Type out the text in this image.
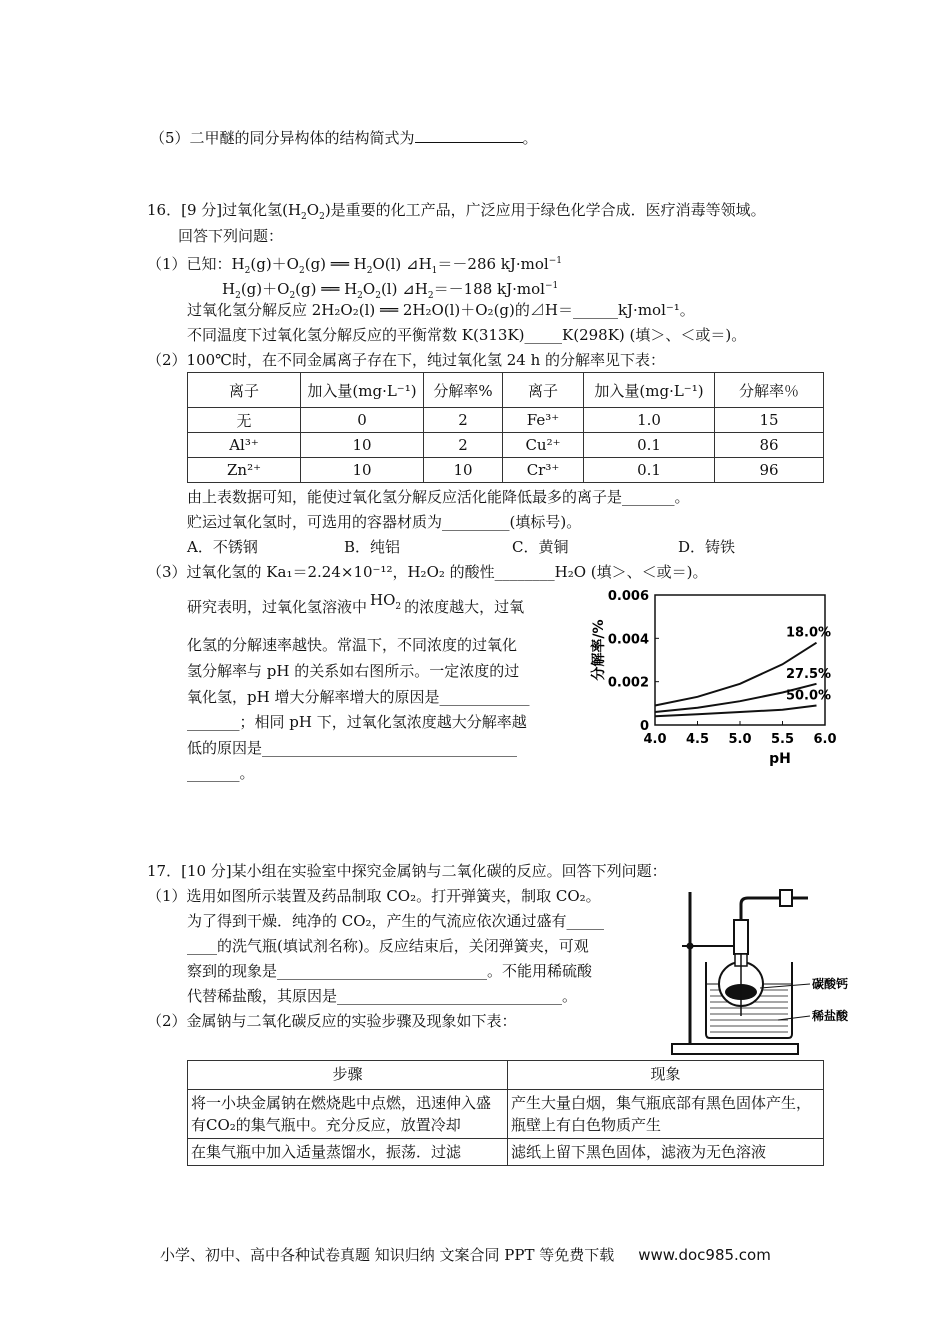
（5）二甲醚的同分异构体的结构简式为	。
16．[9 分]过氧化氢$(H_2O_2)$是重要的化工产品，广泛应用于绿色化学合成．医疗消毒等领域。
回答下列问题：
（1）已知：$H_2(g)+O_2(g)$ ══ $H_2O(l)$ $⊿H_1=-286$ kJ·mol$^{-1}$
$H_2(g)+O_2(g)$ ══ $H_2O_2(l)$ $⊿H_2=-188$ kJ·mol$^{-1}$
过氧化氢分解反应 2H₂O₂(l) ══ 2H₂O(l)＋O₂(g)的⊿H＝______kJ·mol⁻¹。
不同温度下过氧化氢分解反应的平衡常数 K(313K)_____K(298K) (填＞、＜或＝)。
（2）100℃时，在不同金属离子存在下，纯过氧化氢 24 h 的分解率见下表：
离子	加入量(mg·L⁻¹)	分解率%	离子	加入量(mg·L⁻¹)	分解率％
无	0	2	Fe³⁺	1.0	15
Al³⁺	10	2	Cu²⁺	0.1	86
Zn²⁺	10	10	Cr³⁺	0.1	96
由上表数据可知，能使过氧化氢分解反应活化能降低最多的离子是_______。
贮运过氧化氢时，可选用的容器材质为_________(填标号)。
A．不锈钢	B．纯铝	C．黄铜	D．铸铁
（3）过氧化氢的 Ka₁＝2.24×10⁻¹²，H₂O₂ 的酸性________H₂O (填＞、＜或＝)。
研究表明，过氧化氢溶液中 $HO_2$ 的浓度越大，过氧
化氢的分解速率越快。常温下，不同浓度的过氧化
氢分解率与 pH 的关系如右图所示。一定浓度的过
氧化氢，pH 增大分解率增大的原因是____________
_______；相同 pH 下，过氧化氢浓度越大分解率越
低的原因是__________________________________
_______。
4.0 4.5 5.0 5.5 6.0
0
0.002
0.004
0.006
pH
分解率/%	18.0%
27.5%
50.0%
17．[10 分]某小组在实验室中探究金属钠与二氧化碳的反应。回答下列问题：
（1）选用如图所示装置及药品制取 CO₂。打开弹簧夹，制取 CO₂。
为了得到干燥．纯净的 CO₂，产生的气流应依次通过盛有_____
____的洗气瓶(填试剂名称)。反应结束后，关闭弹簧夹，可观
察到的现象是____________________________。不能用稀硫酸
代替稀盐酸，其原因是______________________________。
（2）金属钠与二氧化碳反应的实验步骤及现象如下表：
碳酸钙
稀盐酸
步骤	现象
将一小块金属钠在燃烧匙中点燃，迅速伸入盛有CO₂的集气瓶中。充分反应，放置冷却	产生大量白烟，集气瓶底部有黑色固体产生，瓶壁上有白色物质产生
在集气瓶中加入适量蒸馏水，振荡．过滤	滤纸上留下黑色固体，滤液为无色溶液
小学、初中、高中各种试卷真题 知识归纳 文案合同 PPT 等免费下载 www.doc985.com
